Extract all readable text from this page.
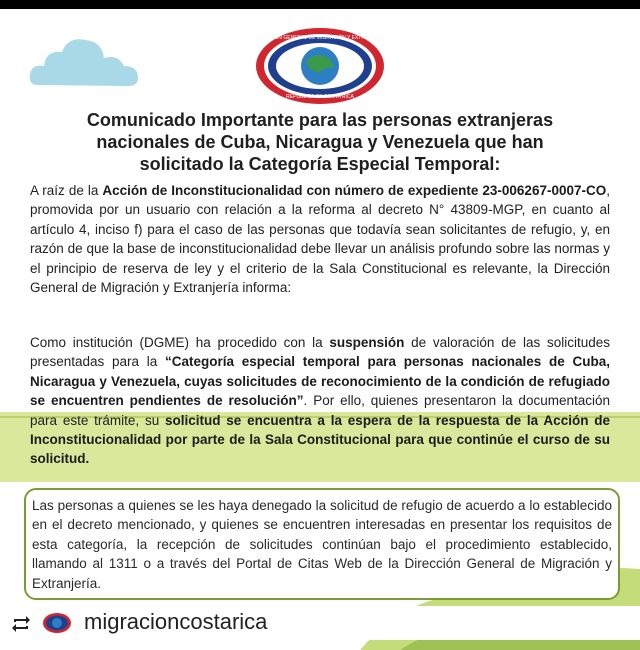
DIRECCIÓN GENERAL DE MIGRACIÓN Y EXTRANJERÍA
REPUBLICA DE COSTA RICA
Comunicado Importante para las personas extranjeras nacionales de Cuba, Nicaragua y Venezuela que han solicitado la Categoría Especial Temporal:
A raíz de la Acción de Inconstitucionalidad con número de expediente 23-006267-0007-CO, promovida por un usuario con relación a la reforma al decreto N° 43809-MGP, en cuanto al artículo 4, inciso f) para el caso de las personas que todavía sean solicitantes de refugio, y, en razón de que la base de inconstitucionalidad debe llevar un análisis profundo sobre las normas y el principio de reserva de ley y el criterio de la Sala Constitucional es relevante, la Dirección General de Migración y Extranjería informa:
Como institución (DGME) ha procedido con la suspensión de valoración de las solicitudes presentadas para la “Categoría especial temporal para personas nacionales de Cuba, Nicaragua y Venezuela, cuyas solicitudes de reconocimiento de la condición de refugiado se encuentren pendientes de resolución”. Por ello, quienes presentaron la documentación para este trámite, su solicitud se encuentra a la espera de la respuesta de la Acción de Inconstitucionalidad por parte de la Sala Constitucional para que continúe el curso de su solicitud.
Las personas a quienes se les haya denegado la solicitud de refugio de acuerdo a lo establecido en el decreto mencionado, y quienes se encuentren interesadas en presentar los requisitos de esta categoría, la recepción de solicitudes continúan bajo el procedimiento establecido, llamando al 1311 o a través del Portal de Citas Web de la Dirección General de Migración y Extranjería.
migracioncostarica
